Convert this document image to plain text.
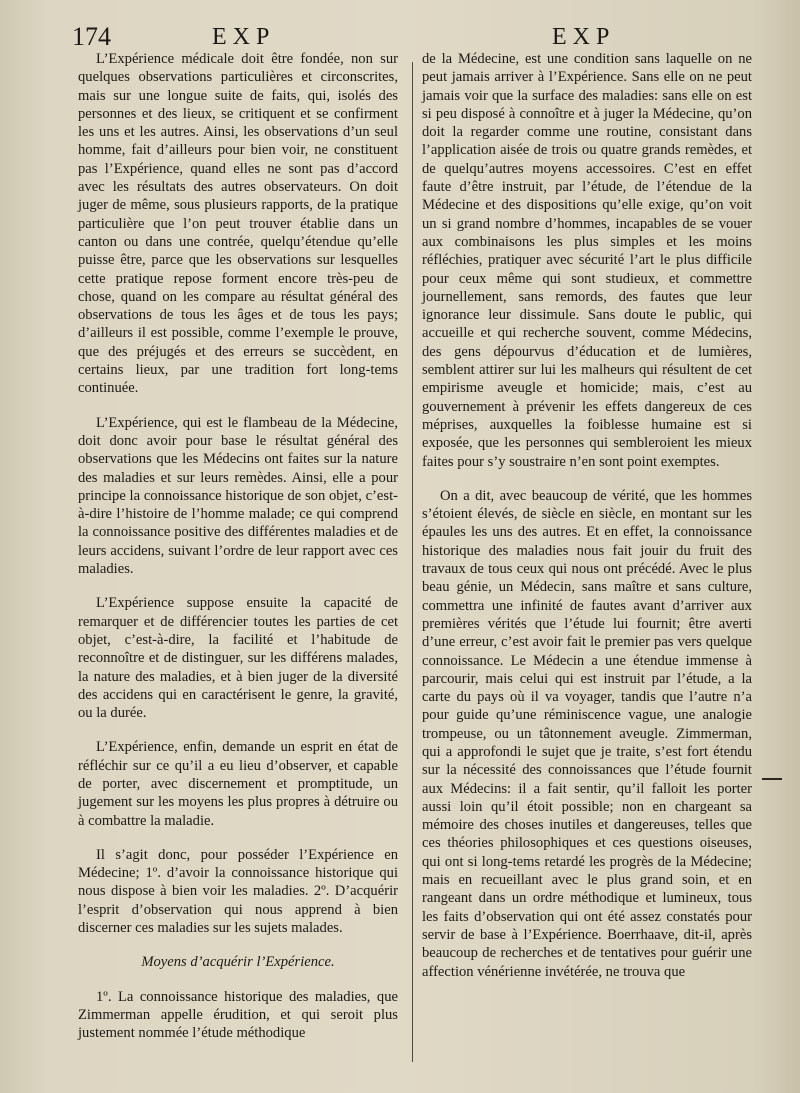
174	EXP	EXP

L’Expérience médicale doit être fondée, non sur quelques observations particulières et circonscrites, mais sur une longue suite de faits, qui, isolés des personnes et des lieux, se critiquent et se confirment les uns et les autres. Ainsi, les observations d’un seul homme, fait d’ailleurs pour bien voir, ne constituent pas l’Expérience, quand elles ne sont pas d’accord avec les résultats des autres observateurs. On doit juger de même, sous plusieurs rapports, de la pratique particulière que l’on peut trouver établie dans un canton ou dans une contrée, quelqu’étendue qu’elle puisse être, parce que les observations sur lesquelles cette pratique repose forment encore très-peu de chose, quand on les compare au résultat général des observations de tous les âges et de tous les pays; d’ailleurs il est possible, comme l’exemple le prouve, que des préjugés et des erreurs se succèdent, en certains lieux, par une tradition fort long-tems continuée.

L’Expérience, qui est le flambeau de la Médecine, doit donc avoir pour base le résultat général des observations que les Médecins ont faites sur la nature des maladies et sur leurs remèdes. Ainsi, elle a pour principe la connoissance historique de son objet, c’est-à-dire l’histoire de l’homme malade; ce qui comprend la connoissance positive des différentes maladies et de leurs accidens, suivant l’ordre de leur rapport avec ces maladies.

L’Expérience suppose ensuite la capacité de remarquer et de différencier toutes les parties de cet objet, c’est-à-dire, la facilité et l’habitude de reconnoître et de distinguer, sur les différens malades, la nature des maladies, et à bien juger de la diversité des accidens qui en caractérisent le genre, la gravité, ou la durée.

L’Expérience, enfin, demande un esprit en état de réfléchir sur ce qu’il a eu lieu d’observer, et capable de porter, avec discernement et promptitude, un jugement sur les moyens les plus propres à détruire ou à combattre la maladie.

Il s’agit donc, pour posséder l’Expérience en Médecine; 1º. d’avoir la connoissance historique qui nous dispose à bien voir les maladies. 2º. D’acquérir l’esprit d’observation qui nous apprend à bien discerner ces maladies sur les sujets malades.

Moyens d’acquérir l’Expérience.

1º. La connoissance historique des maladies, que Zimmerman appelle érudition, et qui seroit plus justement nommée l’étude méthodique

de la Médecine, est une condition sans laquelle on ne peut jamais arriver à l’Expérience. Sans elle on ne peut jamais voir que la surface des maladies: sans elle on est si peu disposé à connoître et à juger la Médecine, qu’on doit la regarder comme une routine, consistant dans l’application aisée de trois ou quatre grands remèdes, et de quelqu’autres moyens accessoires. C’est en effet faute d’être instruit, par l’étude, de l’étendue de la Médecine et des dispositions qu’elle exige, qu’on voit un si grand nombre d’hommes, incapables de se vouer aux combinaisons les plus simples et les moins réfléchies, pratiquer avec sécurité l’art le plus difficile pour ceux même qui sont studieux, et commettre journellement, sans remords, des fautes que leur ignorance leur dissimule. Sans doute le public, qui accueille et qui recherche souvent, comme Médecins, des gens dépourvus d’éducation et de lumières, semblent attirer sur lui les malheurs qui résultent de cet empirisme aveugle et homicide; mais, c’est au gouvernement à prévenir les effets dangereux de ces méprises, auxquelles la foiblesse humaine est si exposée, que les personnes qui sembleroient les mieux faites pour s’y soustraire n’en sont point exemptes.

On a dit, avec beaucoup de vérité, que les hommes s’étoient élevés, de siècle en siècle, en montant sur les épaules les uns des autres. Et en effet, la connoissance historique des maladies nous fait jouir du fruit des travaux de tous ceux qui nous ont précédé. Avec le plus beau génie, un Médecin, sans maître et sans culture, commettra une infinité de fautes avant d’arriver aux premières vérités que l’étude lui fournit; être averti d’une erreur, c’est avoir fait le premier pas vers quelque connoissance. Le Médecin a une étendue immense à parcourir, mais celui qui est instruit par l’étude, a la carte du pays où il va voyager, tandis que l’autre n’a pour guide qu’une réminiscence vague, une analogie trompeuse, ou un tâtonnement aveugle. Zimmerman, qui a approfondi le sujet que je traite, s’est fort étendu sur la nécessité des connoissances que l’étude fournit aux Médecins: il a fait sentir, qu’il falloit les porter aussi loin qu’il étoit possible; non en chargeant sa mémoire des choses inutiles et dangereuses, telles que ces théories philosophiques et ces questions oiseuses, qui ont si long-tems retardé les progrès de la Médecine; mais en recueillant avec le plus grand soin, et en rangeant dans un ordre méthodique et lumineux, tous les faits d’observation qui ont été assez constatés pour servir de base à l’Expérience. Boerrhaave, dit-il, après beaucoup de recherches et de tentatives pour guérir une affection vénérienne invétérée, ne trouva que
